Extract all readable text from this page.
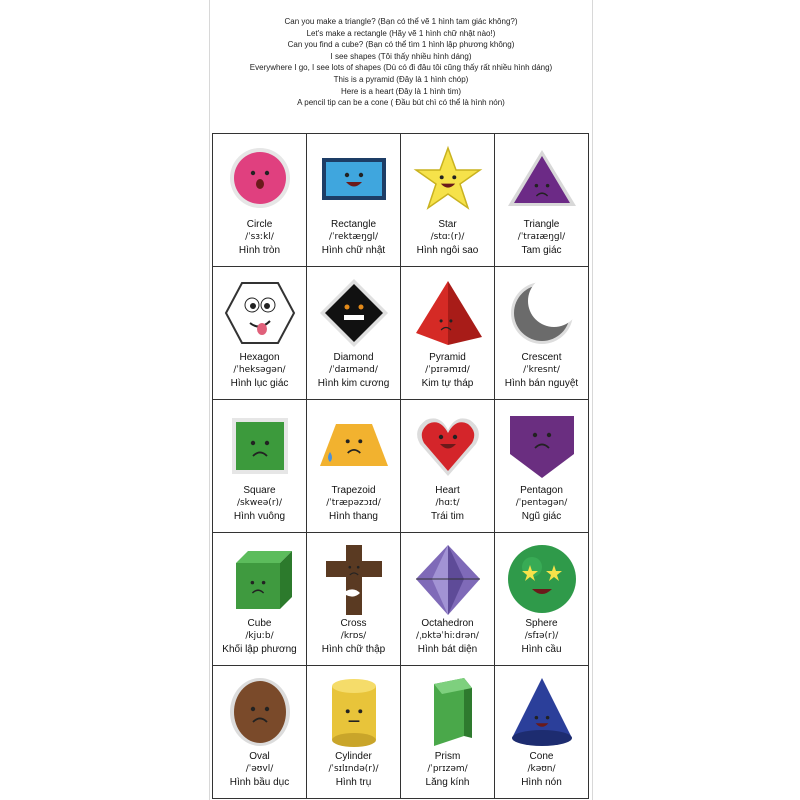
Can you make a triangle? (Bạn có thể vẽ 1 hình tam giác không?)
Let's make a rectangle (Hãy vẽ 1 hình chữ nhật nào!)
Can you find a cube? (Bạn có thể tìm 1 hình lập phương không)
I see shapes (Tôi thấy nhiều hình dáng)
Everywhere I go, I see lots of shapes (Dù có đi đâu tôi cũng thấy rất nhiều hình dáng)
This is a pyramid (Đây là 1 hình chóp)
Here is a heart (Đây là 1 hình tim)
A pencil tip can be a cone ( Đầu bút chì có thể là hình nón)
Circle
/ˈsɜːkl/
Hình tròn
Rectangle
/ˈrektæŋgl/
Hình chữ nhật
Star
/stɑː(r)/
Hình ngôi sao
Triangle
/ˈtraɪæŋgl/
Tam giác
Hexagon
/ˈheksəgən/
Hình lục giác
Diamond
/ˈdaɪmənd/
Hình kim cương
Pyramid
/ˈpɪrəmɪd/
Kim tự tháp
Crescent
/ˈkresnt/
Hình bán nguyệt
Square
/skweə(r)/
Hình vuông
Trapezoid
/ˈtræpəzɔɪd/
Hình thang
Heart
/hɑːt/
Trái tim
Pentagon
/ˈpentəgən/
Ngũ giác
Cube
/kjuːb/
Khối lập phương
Cross
/krɒs/
Hình chữ thập
Octahedron
/ˌɒktəˈhiːdrən/
Hình bát diện
Sphere
/sfɪə(r)/
Hình cầu
Oval
/ˈəʊvl/
Hình bầu dục
Cylinder
/ˈsɪlɪndə(r)/
Hình trụ
Prism
/ˈprɪzəm/
Lăng kính
Cone
/kəʊn/
Hình nón
